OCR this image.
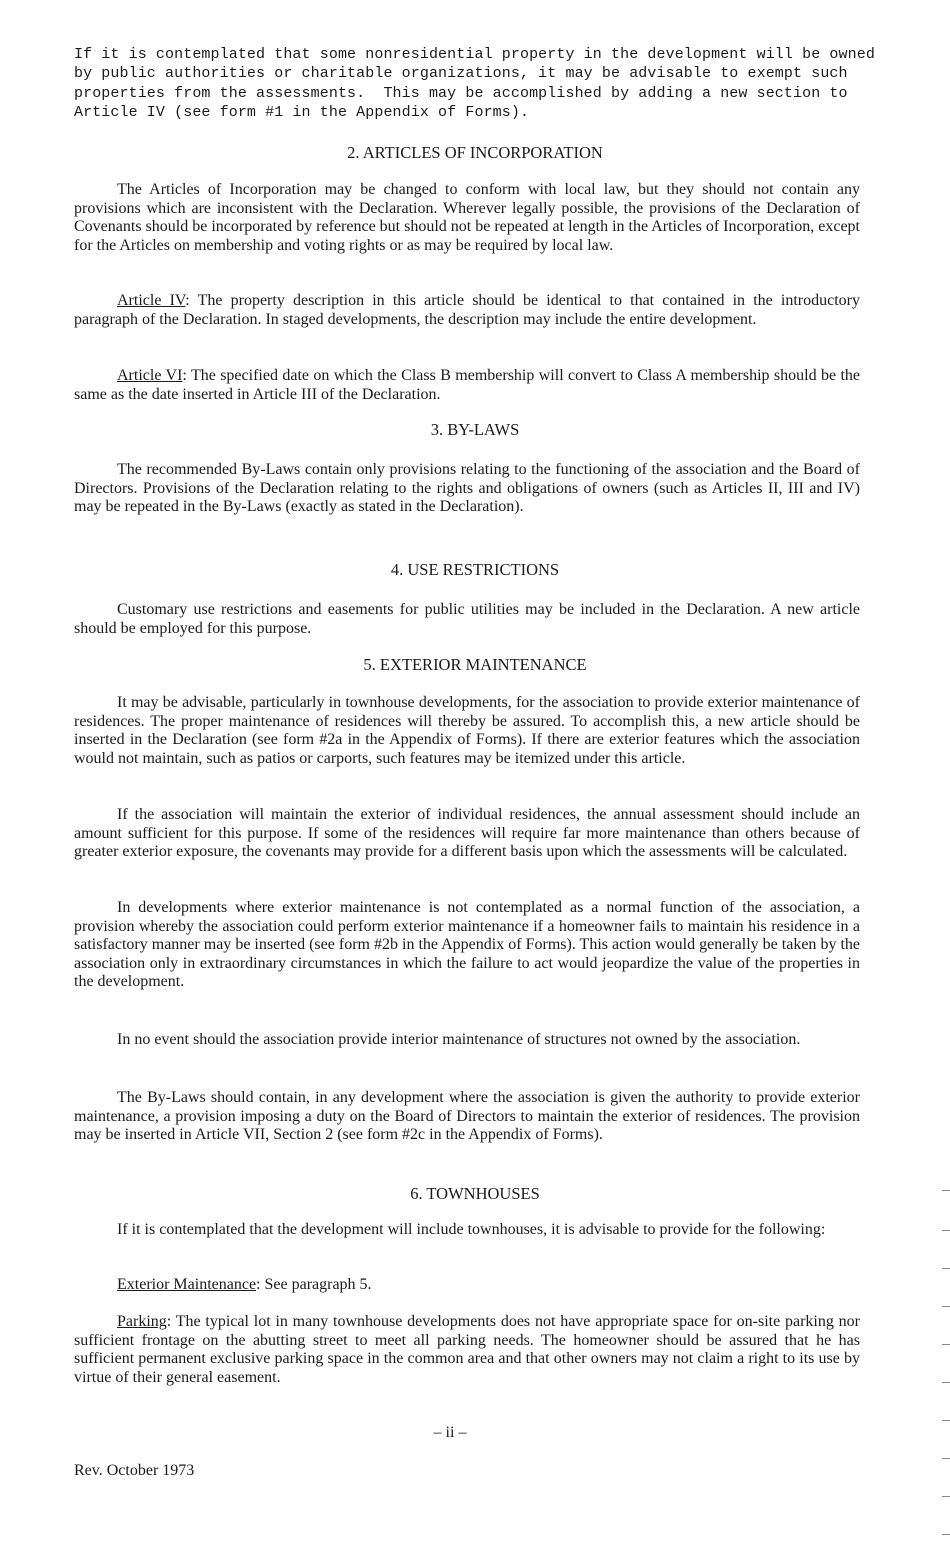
If it is contemplated that some nonresidential property in the development will be owned
by public authorities or charitable organizations, it may be advisable to exempt such
properties from the assessments.  This may be accomplished by adding a new section to
Article IV (see form #1 in the Appendix of Forms).
2. ARTICLES OF INCORPORATION
The Articles of Incorporation may be changed to conform with local law, but they should not contain any provisions which are inconsistent with the Declaration. Wherever legally possible, the provisions of the Declaration of Covenants should be incorporated by reference but should not be repeated at length in the Articles of Incorporation, except for the Articles on membership and voting rights or as may be required by local law.
Article IV: The property description in this article should be identical to that contained in the introductory paragraph of the Declaration. In staged developments, the description may include the entire development.
Article VI: The specified date on which the Class B membership will convert to Class A membership should be the same as the date inserted in Article III of the Declaration.
3. BY-LAWS
The recommended By-Laws contain only provisions relating to the functioning of the association and the Board of Directors. Provisions of the Declaration relating to the rights and obligations of owners (such as Articles II, III and IV) may be repeated in the By-Laws (exactly as stated in the Declaration).
4. USE RESTRICTIONS
Customary use restrictions and easements for public utilities may be included in the Declaration. A new article should be employed for this purpose.
5. EXTERIOR MAINTENANCE
It may be advisable, particularly in townhouse developments, for the association to provide exterior maintenance of residences. The proper maintenance of residences will thereby be assured. To accomplish this, a new article should be inserted in the Declaration (see form #2a in the Appendix of Forms). If there are exterior features which the association would not maintain, such as patios or carports, such features may be itemized under this article.
If the association will maintain the exterior of individual residences, the annual assessment should include an amount sufficient for this purpose. If some of the residences will require far more maintenance than others because of greater exterior exposure, the covenants may provide for a different basis upon which the assessments will be calculated.
In developments where exterior maintenance is not contemplated as a normal function of the association, a provision whereby the association could perform exterior maintenance if a homeowner fails to maintain his residence in a satisfactory manner may be inserted (see form #2b in the Appendix of Forms). This action would generally be taken by the association only in extraordinary circumstances in which the failure to act would jeopardize the value of the properties in the development.
In no event should the association provide interior maintenance of structures not owned by the association.
The By-Laws should contain, in any development where the association is given the authority to provide exterior maintenance, a provision imposing a duty on the Board of Directors to maintain the exterior of residences. The provision may be inserted in Article VII, Section 2 (see form #2c in the Appendix of Forms).
6. TOWNHOUSES
If it is contemplated that the development will include townhouses, it is advisable to provide for the following:
Exterior Maintenance: See paragraph 5.
Parking: The typical lot in many townhouse developments does not have appropriate space for on-site parking nor sufficient frontage on the abutting street to meet all parking needs. The homeowner should be assured that he has sufficient permanent exclusive parking space in the common area and that other owners may not claim a right to its use by virtue of their general easement.
– ii –
Rev. October 1973
